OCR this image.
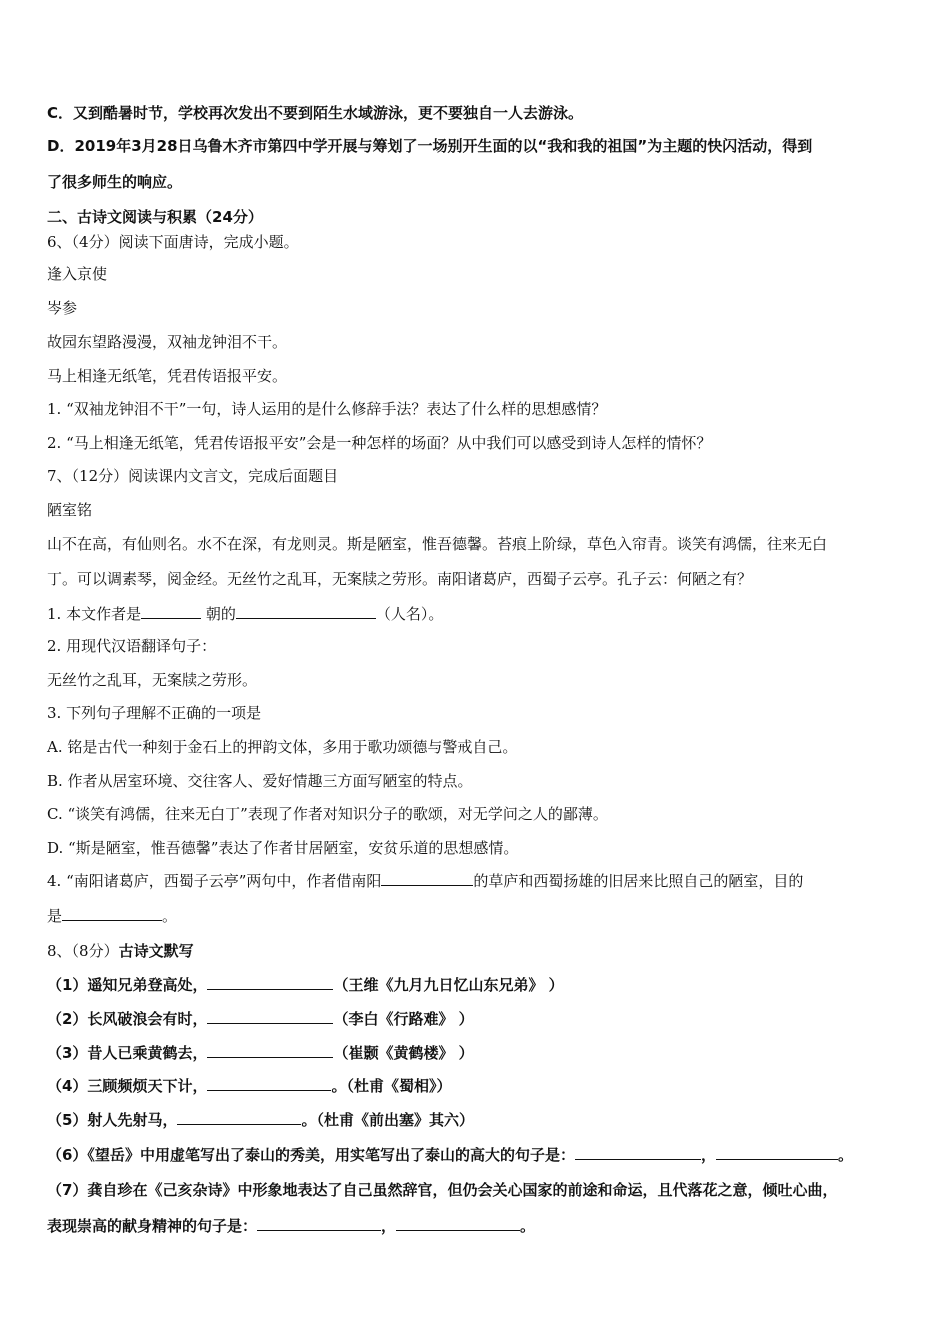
C．又到酷暑时节，学校再次发出不要到陌生水域游泳，更不要独自一人去游泳。
D．2019年3月28日乌鲁木齐市第四中学开展与筹划了一场别开生面的以“我和我的祖国”为主题的快闪活动，得到
了很多师生的响应。
二、古诗文阅读与积累（24分）
6、（4分）阅读下面唐诗，完成小题。
逢入京使
岑参
故园东望路漫漫，双袖龙钟泪不干。
马上相逢无纸笔，凭君传语报平安。
1. “双袖龙钟泪不干”一句，诗人运用的是什么修辞手法？表达了什么样的思想感情？
2. “马上相逢无纸笔，凭君传语报平安”会是一种怎样的场面？从中我们可以感受到诗人怎样的情怀？
7、（12分）阅读课内文言文，完成后面题目
陋室铭
山不在高，有仙则名。水不在深，有龙则灵。斯是陋室，惟吾德馨。苔痕上阶绿，草色入帘青。谈笑有鸿儒，往来无白
丁。可以调素琴，阅金经。无丝竹之乱耳，无案牍之劳形。南阳诸葛庐，西蜀子云亭。孔子云：何陋之有？
1. 本文作者是	朝的	（人名）。
2. 用现代汉语翻译句子：
无丝竹之乱耳，无案牍之劳形。
3. 下列句子理解不正确的一项是
A. 铭是古代一种刻于金石上的押韵文体，多用于歌功颂德与警戒自己。
B. 作者从居室环境、交往客人、爱好情趣三方面写陋室的特点。
C. “谈笑有鸿儒，往来无白丁”表现了作者对知识分子的歌颂，对无学问之人的鄙薄。
D. “斯是陋室，惟吾德馨”表达了作者甘居陋室，安贫乐道的思想感情。
4. “南阳诸葛庐，西蜀子云亭”两句中，作者借南阳	的草庐和西蜀扬雄的旧居来比照自己的陋室，目的
是	。
8、（8分）古诗文默写
（1）遥知兄弟登高处，	（王维《九月九日忆山东兄弟》 ）
（2）长风破浪会有时，	（李白《行路难》 ）
（3）昔人已乘黄鹤去，	（崔颢《黄鹤楼》 ）
（4）三顾频烦天下计，	。（杜甫《蜀相》）
（5）射人先射马，	。（杜甫《前出塞》其六）
（6）《望岳》中用虚笔写出了泰山的秀美，用实笔写出了泰山的高大的句子是：	，	。
（7）龚自珍在《己亥杂诗》中形象地表达了自己虽然辞官，但仍会关心国家的前途和命运，且代落花之意，倾吐心曲，
表现崇高的献身精神的句子是：	，	。
